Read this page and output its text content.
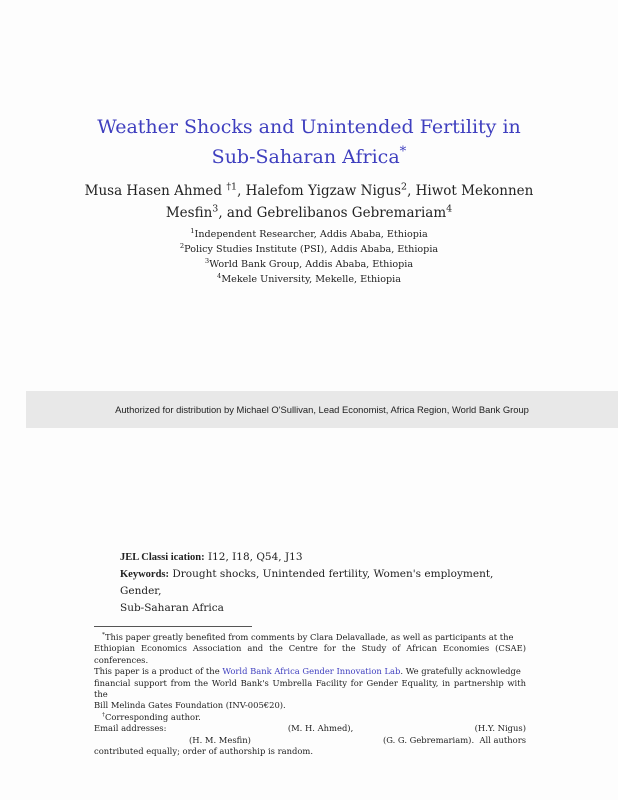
Weather Shocks and Unintended Fertility in
Sub-Saharan Africa*
Musa Hasen Ahmed $^{\dagger 1}$, Halefom Yigzaw Nigus$^2$, Hiwot Mekonnen
Mesfin$^3$, and Gebrelibanos Gebremariam$^4$
$^1$Independent Researcher, Addis Ababa, Ethiopia
$^2$Policy Studies Institute (PSI), Addis Ababa, Ethiopia
$^3$World Bank Group, Addis Ababa, Ethiopia
$^4$Mekele University, Mekelle, Ethiopia
Authorized for distribution by Michael O'Sullivan, Lead Economist, Africa Region, World Bank Group
JEL Classi ication: I12, I18, Q54, J13
Keywords: Drought shocks, Unintended fertility, Women's employment, Gender,
Sub-Saharan Africa

*This paper greatly benefited from comments by Clara Delavallade, as well as participants at the

Ethiopian Economics Association and the Centre for the Study of African Economies (CSAE) conferences.

This paper is a product of the World Bank Africa Gender Innovation Lab. We gratefully acknowledge

financial support from the World Bank's Umbrella Facility for Gender Equality, in partnership with the

Bill Melinda Gates Foundation (INV-005€20).

†Corresponding author.

Email addresses:	(M. H. Ahmed),	(H.Y. Nigus)

(H. M. Mesfin)	(G. G. Gebremariam). All authors

contributed equally; order of authorship is random.
